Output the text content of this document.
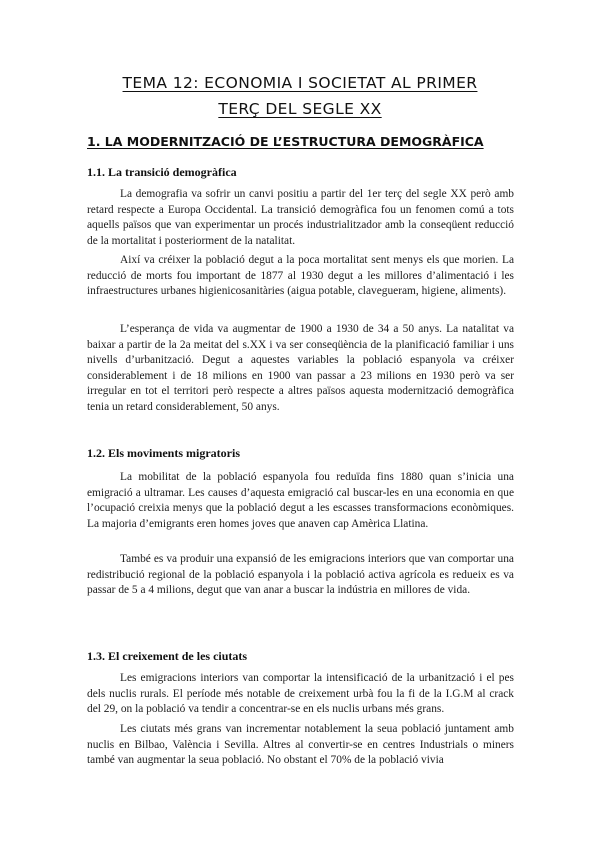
TEMA 12: ECONOMIA I SOCIETAT AL PRIMER
TERÇ DEL SEGLE XX
1. LA MODERNITZACIÓ DE L’ESTRUCTURA DEMOGRÀFICA
1.1. La transició demogràfica

La demografia va sofrir un canvi positiu a partir del 1er terç del segle XX però amb retard respecte a Europa Occidental. La transició demogràfica fou un fenomen comú a tots aquells països que van experimentar un procés industrialitzador amb la conseqüent reducció de la mortalitat i posteriorment de la natalitat.

Així va créixer la població degut a la poca mortalitat sent menys els que morien. La reducció de morts fou important de 1877 al 1930 degut a les millores d’alimentació i les infraestructures urbanes higienicosanitàries (aigua potable, clavegueram, higiene, aliments).

L’esperança de vida va augmentar de 1900 a 1930 de 34 a 50 anys. La natalitat va baixar a partir de la 2a meitat del s.XX i va ser conseqüència de la planificació familiar i uns nivells d’urbanització. Degut a aquestes variables la població espanyola va créixer considerablement i de 18 milions en 1900 van passar a 23 milions en 1930 però va ser irregular en tot el territori però respecte a altres països aquesta modernització demogràfica tenia un retard considerablement, 50 anys.

1.2. Els moviments migratoris

La mobilitat de la població espanyola fou reduïda fins 1880 quan s’inicia una emigració a ultramar. Les causes d’aquesta emigració cal buscar-les en una economia en que l’ocupació creixia menys que la població degut a les escasses transformacions econòmiques. La majoria d’emigrants eren homes joves que anaven cap Amèrica Llatina.

També es va produir una expansió de les emigracions interiors que van comportar una redistribució regional de la població espanyola i la població activa agrícola es redueix es va passar de 5 a 4 milions, degut que van anar a buscar la indústria en millores de vida.

1.3. El creixement de les ciutats

Les emigracions interiors van comportar la intensificació de la urbanització i el pes dels nuclis rurals. El període més notable de creixement urbà fou la fi de la I.G.M al crack del 29, on la població va tendir a concentrar-se en els nuclis urbans més grans.

Les ciutats més grans van incrementar notablement la seua població juntament amb nuclis en Bilbao, València i Sevilla. Altres al convertir-se en centres Industrials o miners també van augmentar la seua població. No obstant el 70% de la població vivia
